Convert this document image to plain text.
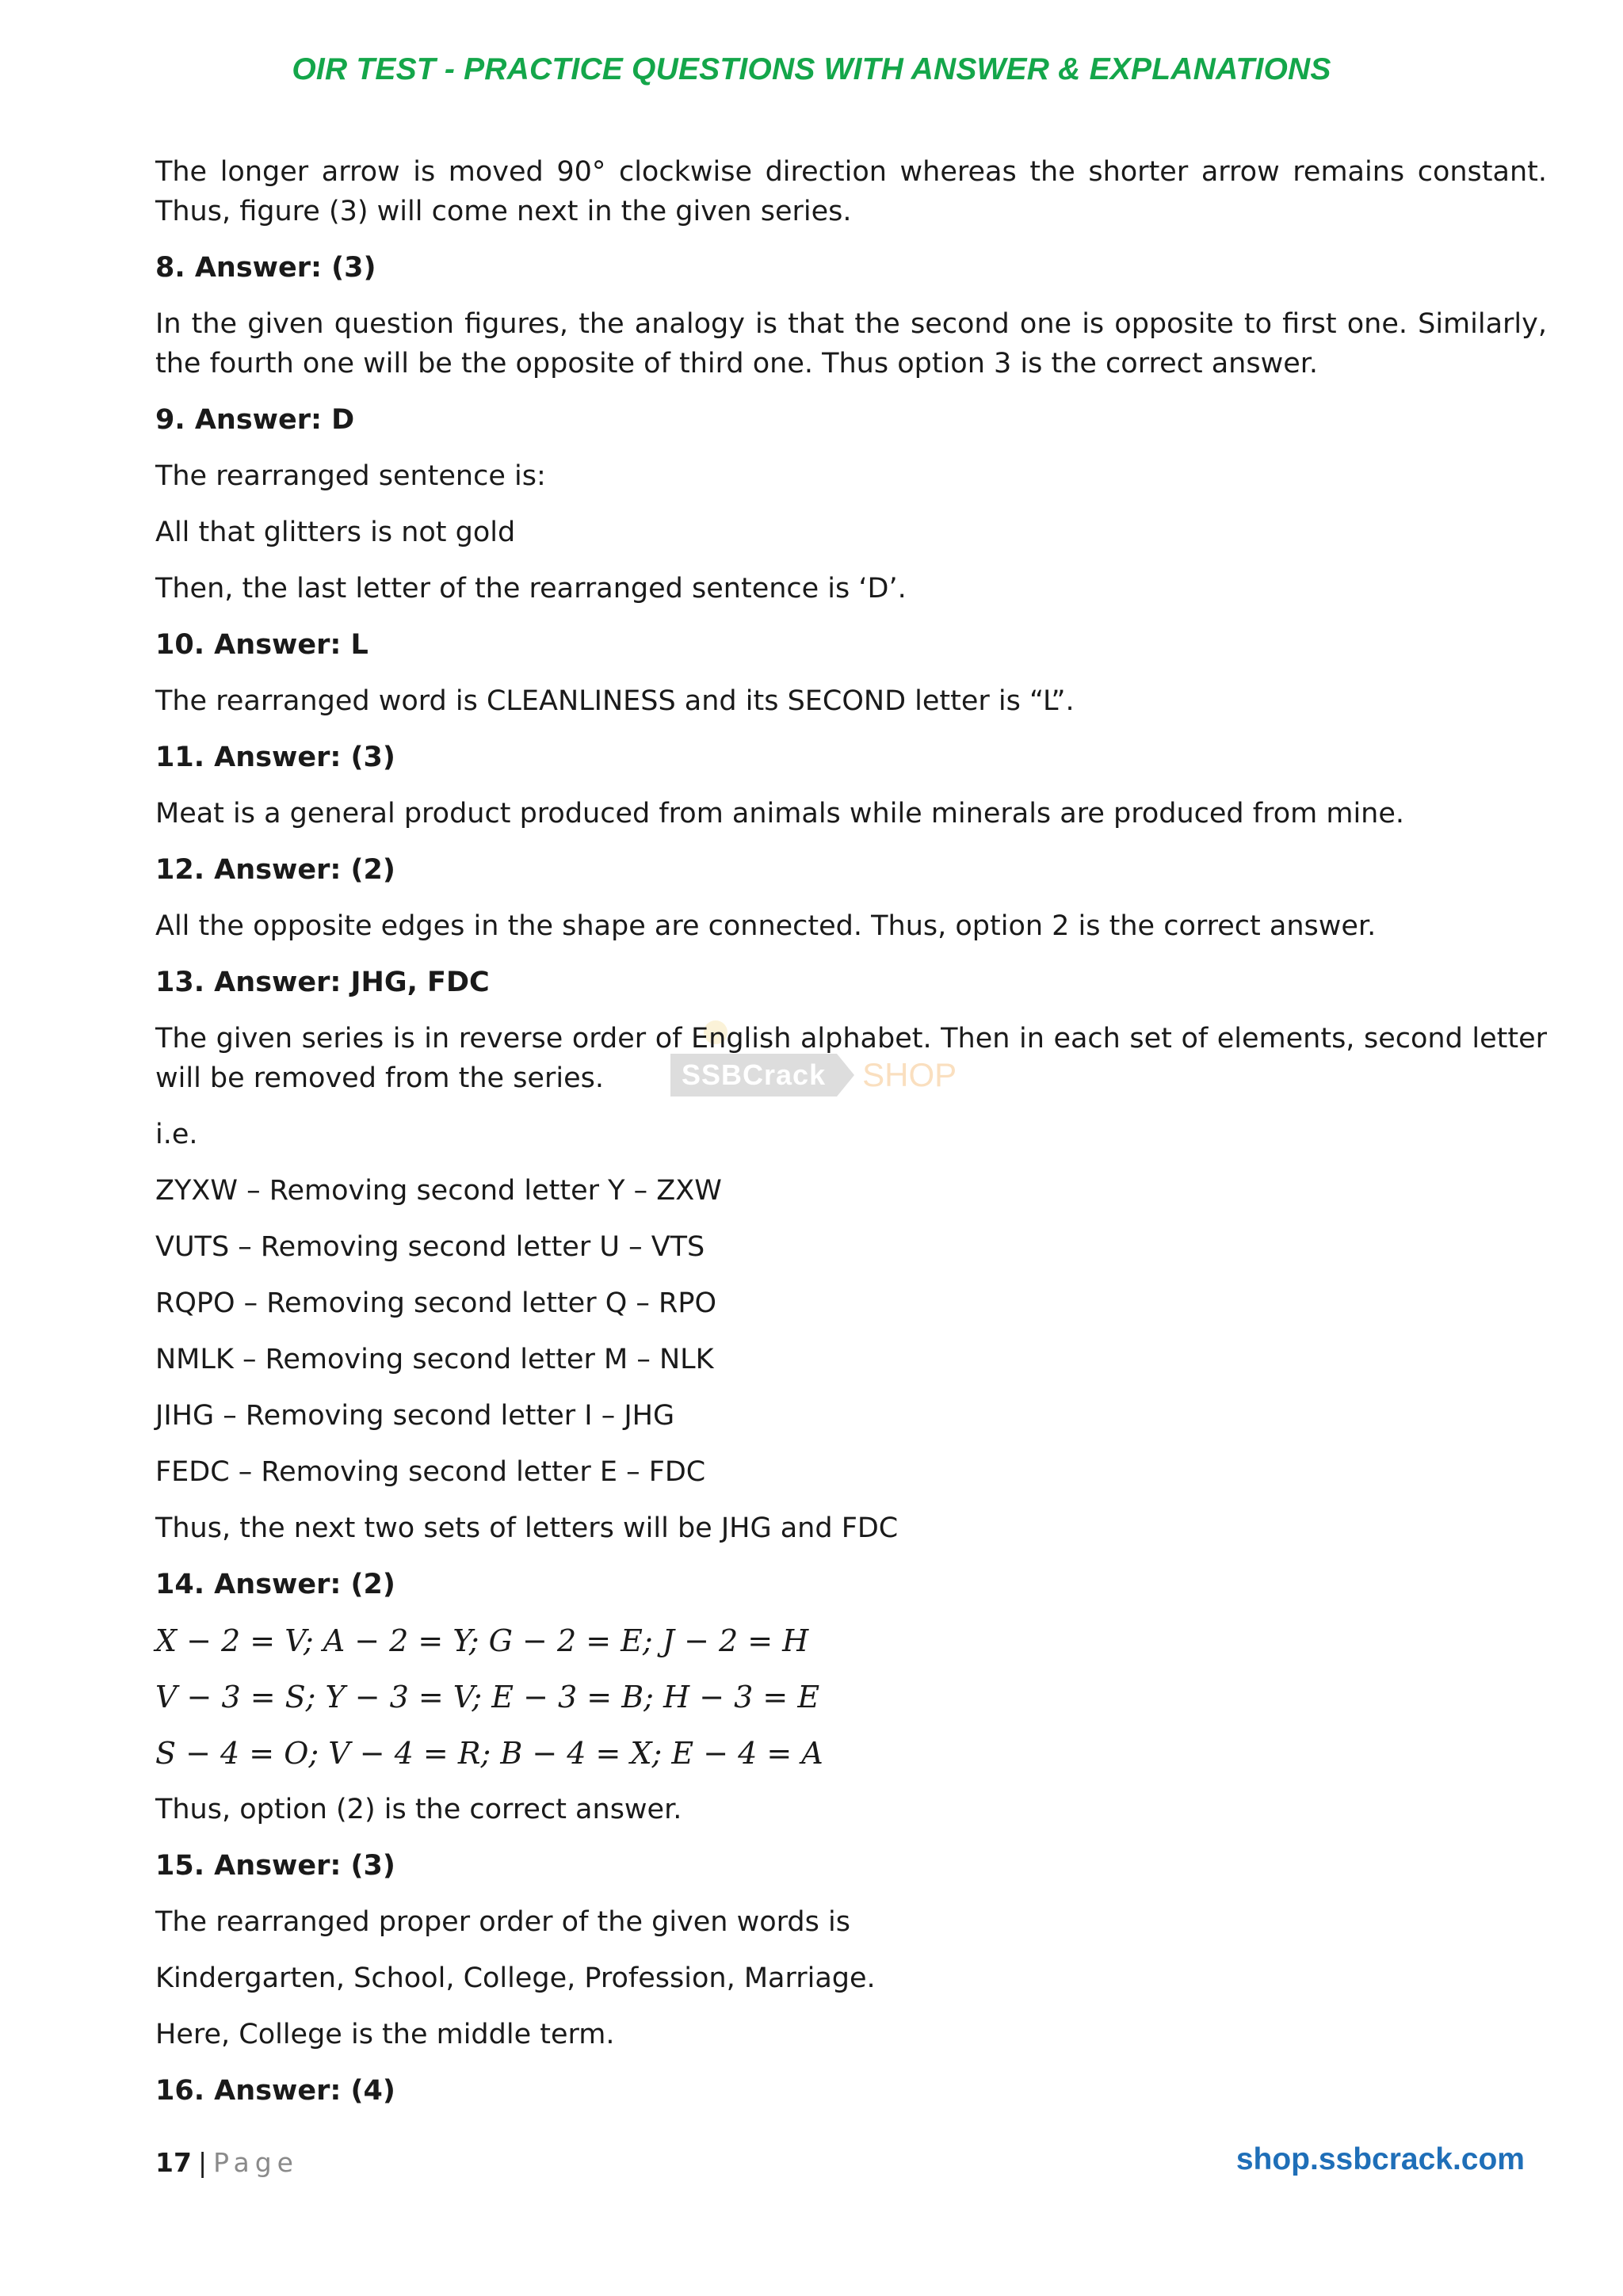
OIR TEST - PRACTICE QUESTIONS WITH ANSWER & EXPLANATIONS
SSBCrack	SHOP

The longer arrow is moved 90° clockwise direction whereas the shorter arrow remains constant. Thus, figure (3) will come next in the given series.

8. Answer: (3)

In the given question figures, the analogy is that the second one is opposite to first one. Similarly, the fourth one will be the opposite of third one. Thus option 3 is the correct answer.

9. Answer: D

The rearranged sentence is:

All that glitters is not gold

Then, the last letter of the rearranged sentence is ‘D’.

10. Answer: L

The rearranged word is CLEANLINESS and its SECOND letter is “L”.

11. Answer: (3)

Meat is a general product produced from animals while minerals are produced from mine.

12. Answer: (2)

All the opposite edges in the shape are connected. Thus, option 2 is the correct answer.

13. Answer: JHG, FDC

The given series is in reverse order of English alphabet. Then in each set of elements, second letter will be removed from the series.

i.e.

ZYXW – Removing second letter Y – ZXW

VUTS – Removing second letter U – VTS

RQPO – Removing second letter Q – RPO

NMLK – Removing second letter M – NLK

JIHG – Removing second letter I – JHG

FEDC – Removing second letter E – FDC

Thus, the next two sets of letters will be JHG and FDC

14. Answer: (2)

X − 2 = V; A − 2 = Y; G − 2 = E; J − 2 = H

V − 3 = S; Y − 3 = V; E − 3 = B; H − 3 = E

S − 4 = O; V − 4 = R; B − 4 = X; E − 4 = A

Thus, option (2) is the correct answer.

15. Answer: (3)

The rearranged proper order of the given words is

Kindergarten, School, College, Profession, Marriage.

Here, College is the middle term.

16. Answer: (4)

17 | Page	shop.ssbcrack.com
